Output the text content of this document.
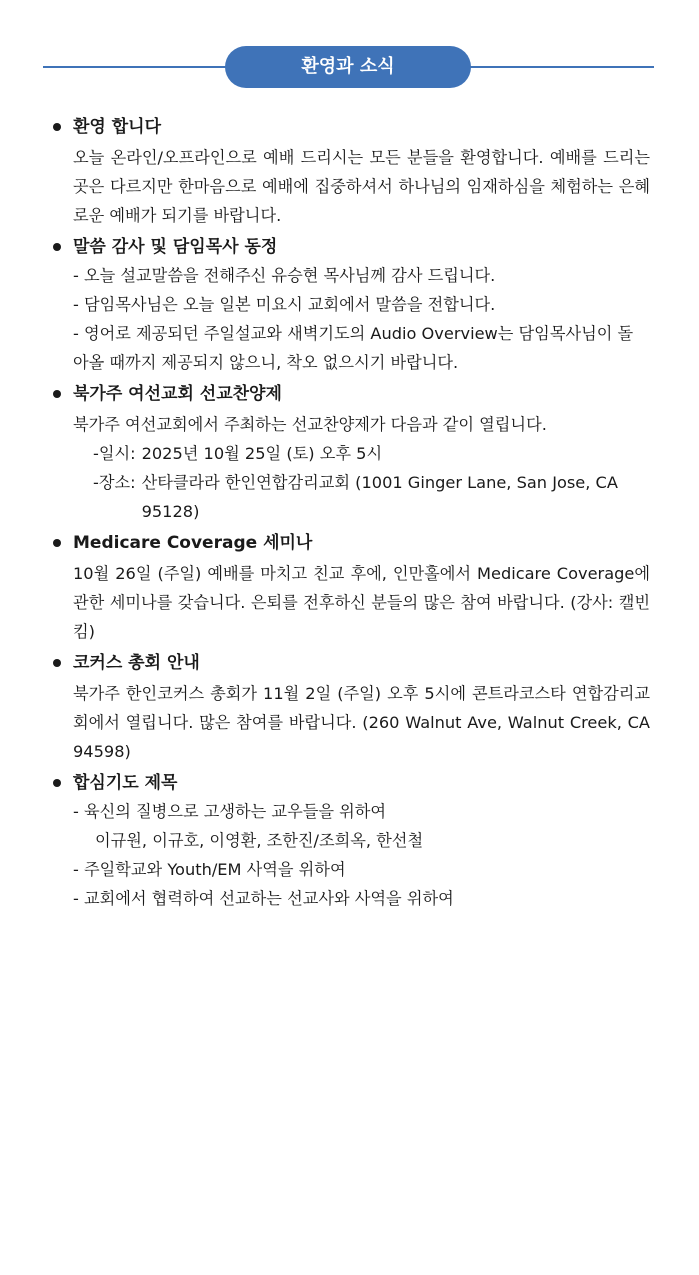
환영과 소식
환영 합니다
오늘 온라인/오프라인으로 예배 드리시는 모든 분들을 환영합니다. 예배를 드리는 곳은 다르지만 한마음으로 예배에 집중하셔서 하나님의 임재하심을 체험하는 은혜로운 예배가 되기를 바랍니다.
말씀 감사 및 담임목사 동정
- 오늘 설교말씀을 전해주신 유승현 목사님께 감사 드립니다.
- 담임목사님은 오늘 일본 미요시 교회에서 말씀을 전합니다.
- 영어로 제공되던 주일설교와 새벽기도의 Audio Overview는 담임목사님이 돌아올 때까지 제공되지 않으니, 착오 없으시기 바랍니다.
북가주 여선교회 선교찬양제
북가주 여선교회에서 주최하는 선교찬양제가 다음과 같이 열립니다.
-일시: 2025년 10월 25일 (토) 오후 5시
-장소: 산타클라라 한인연합감리교회 (1001 Ginger Lane, San Jose, CA 95128)
Medicare Coverage 세미나
10월 26일 (주일) 예배를 마치고 친교 후에, 인만홀에서 Medicare Coverage에 관한 세미나를 갖습니다. 은퇴를 전후하신 분들의 많은 참여 바랍니다. (강사: 캘빈 킴)
코커스 총회 안내
북가주 한인코커스 총회가 11월 2일 (주일) 오후 5시에 콘트라코스타 연합감리교회에서 열립니다. 많은 참여를 바랍니다. (260 Walnut Ave, Walnut Creek, CA 94598)
합심기도 제목
- 육신의 질병으로 고생하는 교우들을 위하여
이규원, 이규호, 이영환, 조한진/조희옥, 한선철
- 주일학교와 Youth/EM 사역을 위하여
- 교회에서 협력하여 선교하는 선교사와 사역을 위하여
